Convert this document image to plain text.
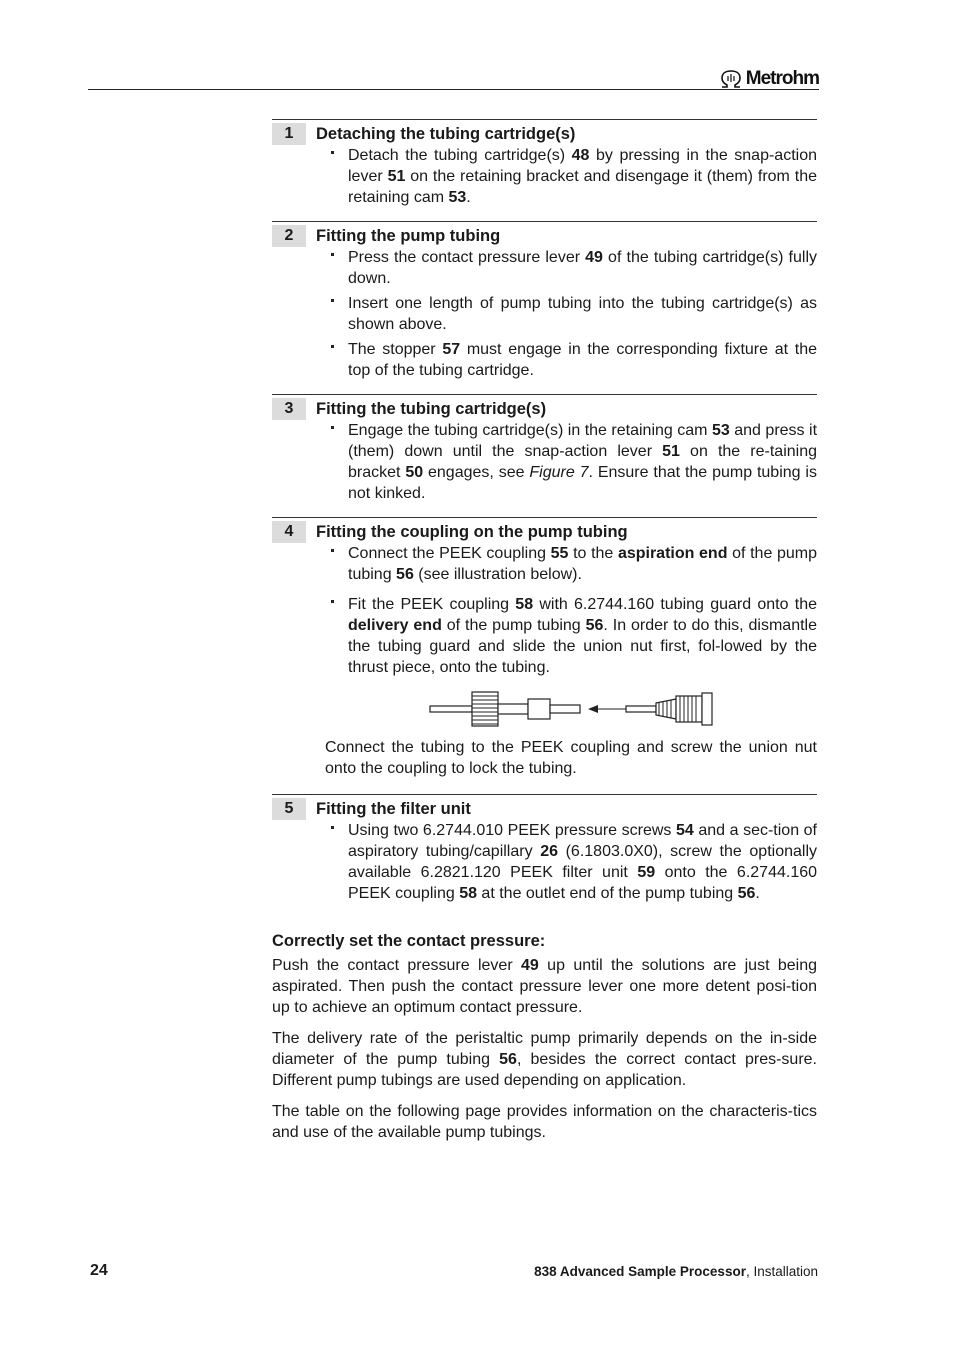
Metrohm
1	Detaching the tubing cartridge(s)
Detach the tubing cartridge(s) 48 by pressing in the snap-action lever 51 on the retaining bracket and disengage it (them) from the retaining cam 53.
2	Fitting the pump tubing
Press the contact pressure lever 49 of the tubing cartridge(s) fully down.
Insert one length of pump tubing into the tubing cartridge(s) as shown above.
The stopper 57 must engage in the corresponding fixture at the top of the tubing cartridge.
3	Fitting the tubing cartridge(s)
Engage the tubing cartridge(s) in the retaining cam 53 and press it (them) down until the snap-action lever 51 on the re-taining bracket 50 engages, see Figure 7. Ensure that the pump tubing is not kinked.
4	Fitting the coupling on the pump tubing
Connect the PEEK coupling 55 to the aspiration end of the pump tubing 56 (see illustration below).
Fit the PEEK coupling 58 with 6.2744.160 tubing guard onto the delivery end of the pump tubing 56. In order to do this, dismantle the tubing guard and slide the union nut first, fol-lowed by the thrust piece, onto the tubing.
Connect the tubing to the PEEK coupling and screw the union nut onto the coupling to lock the tubing.
5	Fitting the filter unit
Using two 6.2744.010 PEEK pressure screws 54 and a sec-tion of aspiratory tubing/capillary 26 (6.1803.0X0), screw the optionally available 6.2821.120 PEEK filter unit 59 onto the 6.2744.160 PEEK coupling 58 at the outlet end of the pump tubing 56.
Correctly set the contact pressure:

Push the contact pressure lever 49 up until the solutions are just being aspirated. Then push the contact pressure lever one more detent posi-tion up to achieve an optimum contact pressure.

The delivery rate of the peristaltic pump primarily depends on the in-side diameter of the pump tubing 56, besides the correct contact pres-sure. Different pump tubings are used depending on application.

The table on the following page provides information on the characteris-tics and use of the available pump tubings.

24	838 Advanced Sample Processor, Installation
